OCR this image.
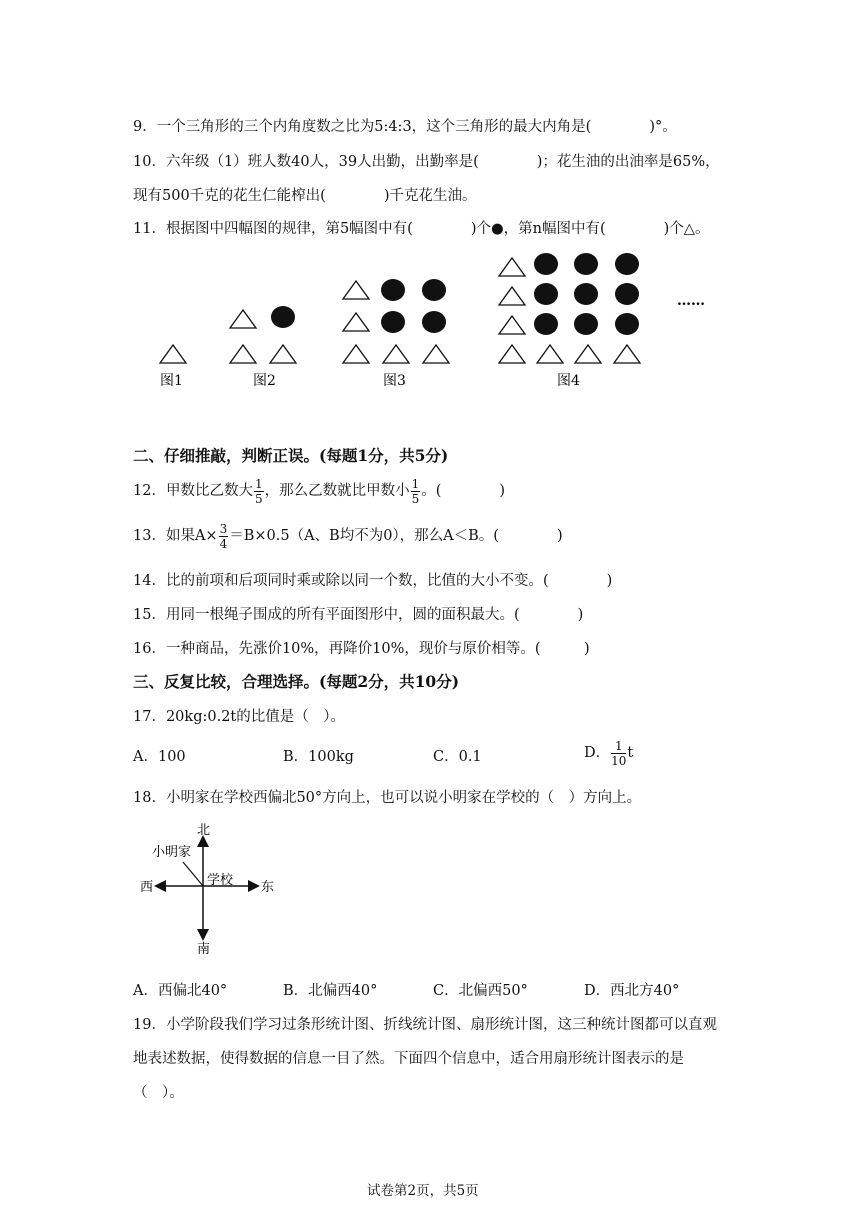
9．一个三角形的三个内角度数之比为5:4:3，这个三角形的最大内角是(　　　　)°。
10．六年级（1）班人数40人，39人出勤，出勤率是(　　　　)；花生油的出油率是65%，
现有500千克的花生仁能榨出(　　　　)千克花生油。
11．根据图中四幅图的规律，第5幅图中有(　　　　)个●，第n幅图中有(　　　　)个△。
图1	图2	图3	图4
……
二、仔细推敲，判断正误。(每题1分，共5分)
12．甲数比乙数大 $\frac{1}{5}$ ，那么乙数就比甲数小 $\frac{1}{5}$ 。(　　　　)
13．如果$A\times \frac{3}{4} =B\times 0.5(A$、B均不为0），那么A＜B。(　　　　)
14．比的前项和后项同时乘或除以同一个数，比值的大小不变。(　　　　)
15．用同一根绳子围成的所有平面图形中，圆的面积最大。(　　　　)
16．一种商品，先涨价10%，再降价10%，现价与原价相等。(　　　)
三、反复比较，合理选择。(每题2分，共10分)
17．20kg:0.2t的比值是（　）。
A．100	B．100kg	C．0.1	D． $\frac{1}{10}$ t
18．小明家在学校西偏北50°方向上，也可以说小明家在学校的（　）方向上。
北
南
西	东
小明家
学校
A．西偏北40°	B．北偏西40°	C．北偏西50°	D．西北方40°
19．小学阶段我们学习过条形统计图、折线统计图、扇形统计图，这三种统计图都可以直观
地表述数据，使得数据的信息一目了然。下面四个信息中，适合用扇形统计图表示的是
（　）。
试卷第2页，共5页
